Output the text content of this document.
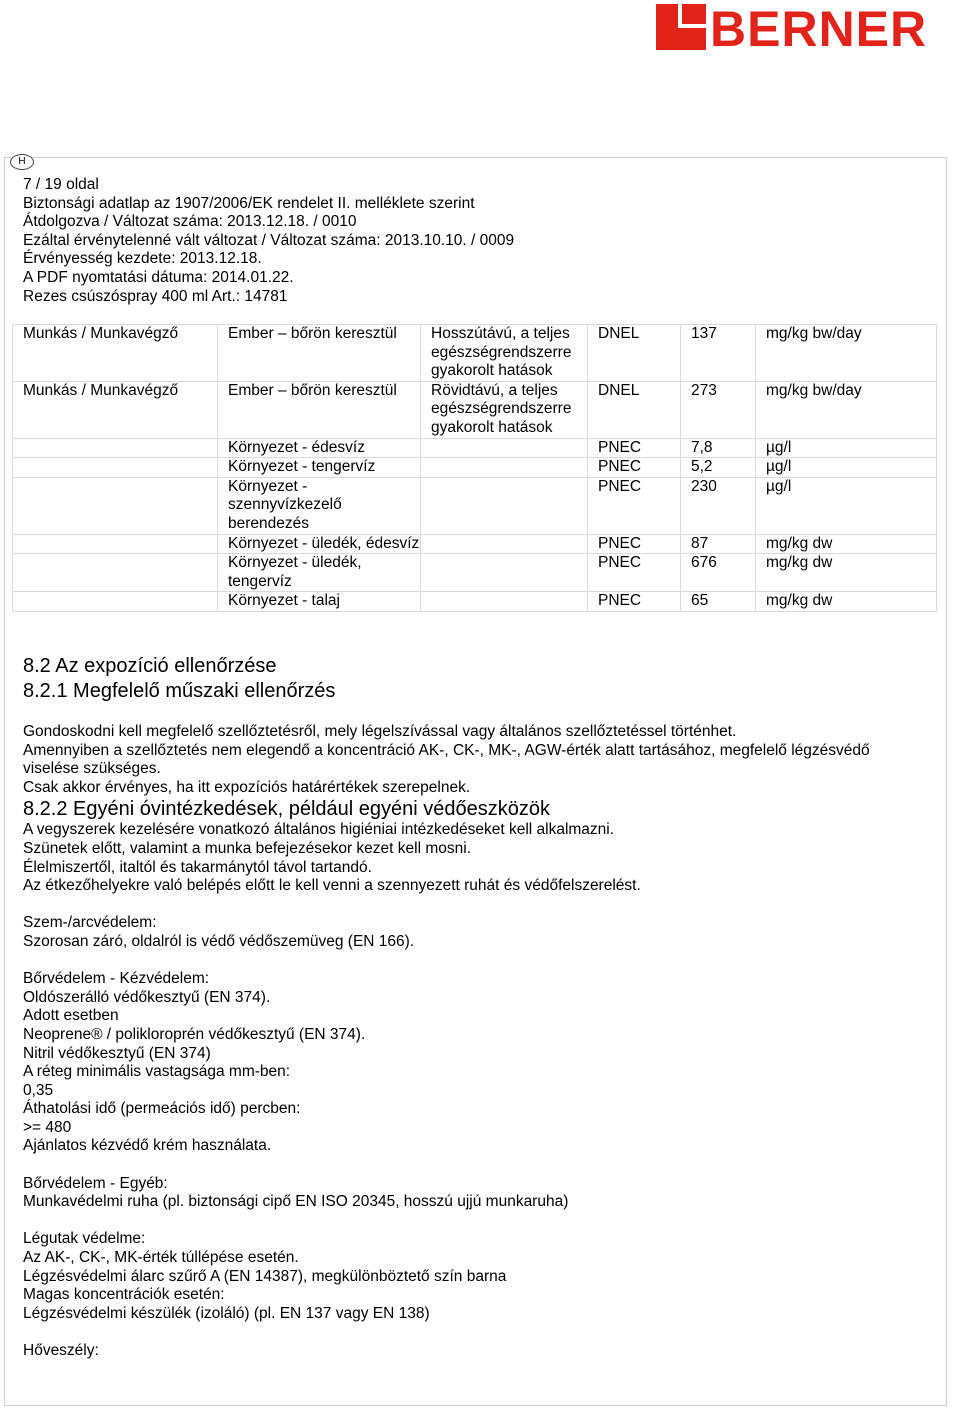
BERNER
H
7 / 19 oldal
Biztonsági adatlap az 1907/2006/EK rendelet II. melléklete szerint
Átdolgozva / Változat száma: 2013.12.18. / 0010
Ezáltal érvénytelenné vált változat / Változat száma: 2013.10.10. / 0009
Érvényesség kezdete: 2013.12.18.
A PDF nyomtatási dátuma: 2014.01.22.
Rezes csúszóspray 400 ml Art.: 14781
Munkás / Munkavégző	Ember – bőrön keresztül	Hosszútávú, a teljes egészségrendszerre gyakorolt hatások	DNEL	137	mg/kg bw/day
Munkás / Munkavégző	Ember – bőrön keresztül	Rövidtávú, a teljes egészségrendszerre gyakorolt hatások	DNEL	273	mg/kg bw/day
	Környezet - édesvíz		PNEC	7,8	µg/l
	Környezet - tengervíz		PNEC	5,2	µg/l
	Környezet - szennyvízkezelő berendezés		PNEC	230	µg/l
	Környezet - üledék, édesvíz		PNEC	87	mg/kg dw
	Környezet - üledék, tengervíz		PNEC	676	mg/kg dw
	Környezet - talaj		PNEC	65	mg/kg dw
8.2 Az expozíció ellenőrzése
8.2.1 Megfelelő műszaki ellenőrzés

Gondoskodni kell megfelelő szellőztetésről, mely légelszívással vagy általános szellőztetéssel történhet.

Amennyiben a szellőztetés nem elegendő a koncentráció AK-, CK-, MK-, AGW-érték alatt tartásához, megfelelő légzésvédő viselése szükséges.

Csak akkor érvényes, ha itt expozíciós határértékek szerepelnek.

8.2.2 Egyéni óvintézkedések, például egyéni védőeszközök

A vegyszerek kezelésére vonatkozó általános higiéniai intézkedéseket kell alkalmazni.

Szünetek előtt, valamint a munka befejezésekor kezet kell mosni.

Élelmiszertől, italtól és takarmánytól távol tartandó.

Az étkezőhelyekre való belépés előtt le kell venni a szennyezett ruhát és védőfelszerelést.

Szem-/arcvédelem:

Szorosan záró, oldalról is védő védőszemüveg (EN 166).

Bőrvédelem - Kézvédelem:

Oldószerálló védőkesztyű (EN 374).

Adott esetben

Neoprene® / polikloroprén védőkesztyű (EN 374).

Nitril védőkesztyű (EN 374)

A réteg minimális vastagsága mm-ben:

0,35

Áthatolási idő (permeációs idő) percben:

>= 480

Ajánlatos kézvédő krém használata.

Bőrvédelem - Egyéb:

Munkavédelmi ruha (pl. biztonsági cipő EN ISO 20345, hosszú ujjú munkaruha)

Légutak védelme:

Az AK-, CK-, MK-érték túllépése esetén.

Légzésvédelmi álarc szűrő A (EN 14387), megkülönböztető szín barna

Magas koncentrációk esetén:

Légzésvédelmi készülék (izoláló) (pl. EN 137 vagy EN 138)

Hőveszély:
